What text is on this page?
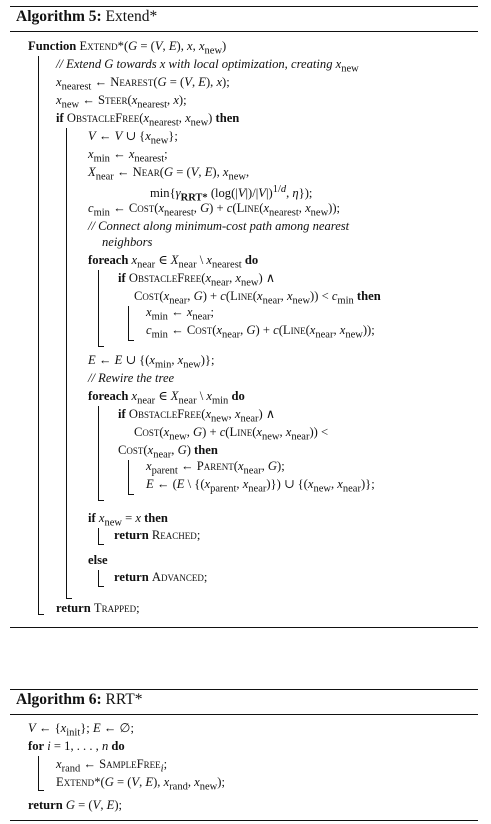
Algorithm 5: Extend*
Function Extend*(G = (V, E), x, $x_{new}$)
// Extend G towards x with local optimization, creating $x_{new}$
$x_{nearest}$ ← Nearest(G = (V, E), x);
$x_{new}$ ← $Steer(x_{nearest}$, x);
if $ObstacleFree(x_{nearest}$, $x_{new}$) then
V ← V ∪ $\{x_{new}\}$;
$x_{min}$ ← $x_{nearest}$;
$X_{near}$ ← Near(G = (V, E), $x_{new}$,
$\min\{\gamma_{RRT*}$ $(\log(|V|)/|V|)^{1/d}$, η});
$c_{min}$ ← $Cost(x_{nearest}$, $G) + c(Line(x_{nearest}$, $x_{new}$));
// Connect along minimum-cost path among nearest
neighbors
foreach $x_{near}$ ∈ $X_{near}$ \ $x_{nearest}$ do
if $ObstacleFree(x_{near}$, $x_{new}$) ∧
$Cost(x_{near}$, $G) + c(Line(x_{near}$, $x_{new})) < c_{min}$ then
$x_{min}$ ← $x_{near}$;
$c_{min}$ ← $Cost(x_{near}$, $G) + c(Line(x_{near}$, $x_{new}$));
E ← E ∪ {($x_{min}$, $x_{new}$)};
// Rewire the tree
foreach $x_{near}$ ∈ $X_{near}$ \ $x_{min}$ do
if $ObstacleFree(x_{new}$, $x_{near}$) ∧
$Cost(x_{new}$, $G) + c(Line(x_{new}$, $x_{near}$)) <
$Cost(x_{near}$, G) then
$x_{parent}$ ← $Parent(x_{near}$, G);
E ← (E \ {($x_{parent}$, $x_{near}$)}) ∪ {($x_{new}$, $x_{near}$)};
if $x_{new} = x$ then
return Reached;
else
return Advanced;
return Trapped;
Algorithm 6: RRT*
V ← $\{x_{init}\}$; E ← ∅;
for i = 1, . . . , n do
$x_{rand}$ ← SampleFree$_i$;
Extend*(G = (V, E), $x_{rand}$, $x_{new}$);
return G = (V, E);
